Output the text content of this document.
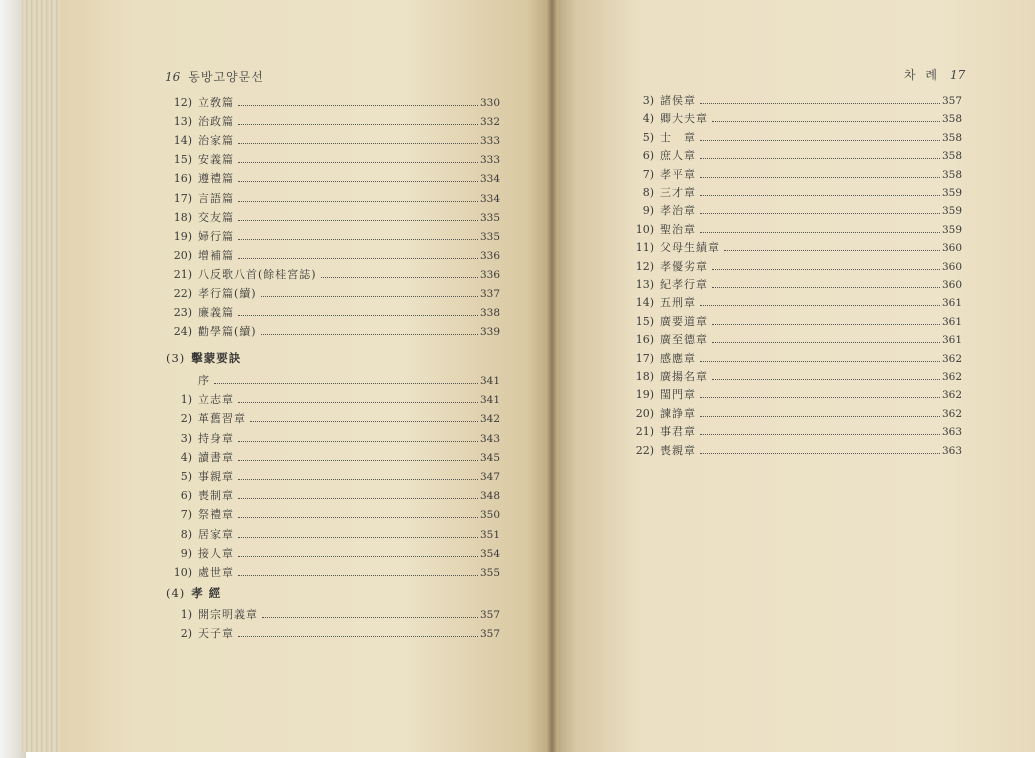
16 동방고양문선	차 례 17
12) 立敎篇	330
13) 治政篇	332
14) 治家篇	333
15) 安義篇	333
16) 遵禮篇	334
17) 言語篇	334
18) 交友篇	335
19) 婦行篇	335
20) 增補篇	336
21) 八反歌八首(餘桂宮誌)	336
22) 孝行篇(續)	337
23) 廉義篇	338
24) 勸學篇(續)	339
序	341
1) 立志章	341
2) 革舊習章	342
3) 持身章	343
4) 讀書章	345
5) 事親章	347
6) 喪制章	348
7) 祭禮章	350
8) 居家章	351
9) 接人章	354
10) 處世章	355
1) 開宗明義章	357
2) 天子章	357
3) 諸侯章	357
4) 卿大夫章	358
5) 士　章	358
6) 庶人章	358
7) 孝平章	358
8) 三才章	359
9) 孝治章	359
10) 聖治章	359
11) 父母生績章	360
12) 孝優劣章	360
13) 紀孝行章	360
14) 五刑章	361
15) 廣要道章	361
16) 廣至德章	361
17) 感應章	362
18) 廣揚名章	362
19) 閨門章	362
20) 諫諍章	362
21) 事君章	363
22) 喪親章	363
(3) 擊蒙要訣
(4) 孝 經
